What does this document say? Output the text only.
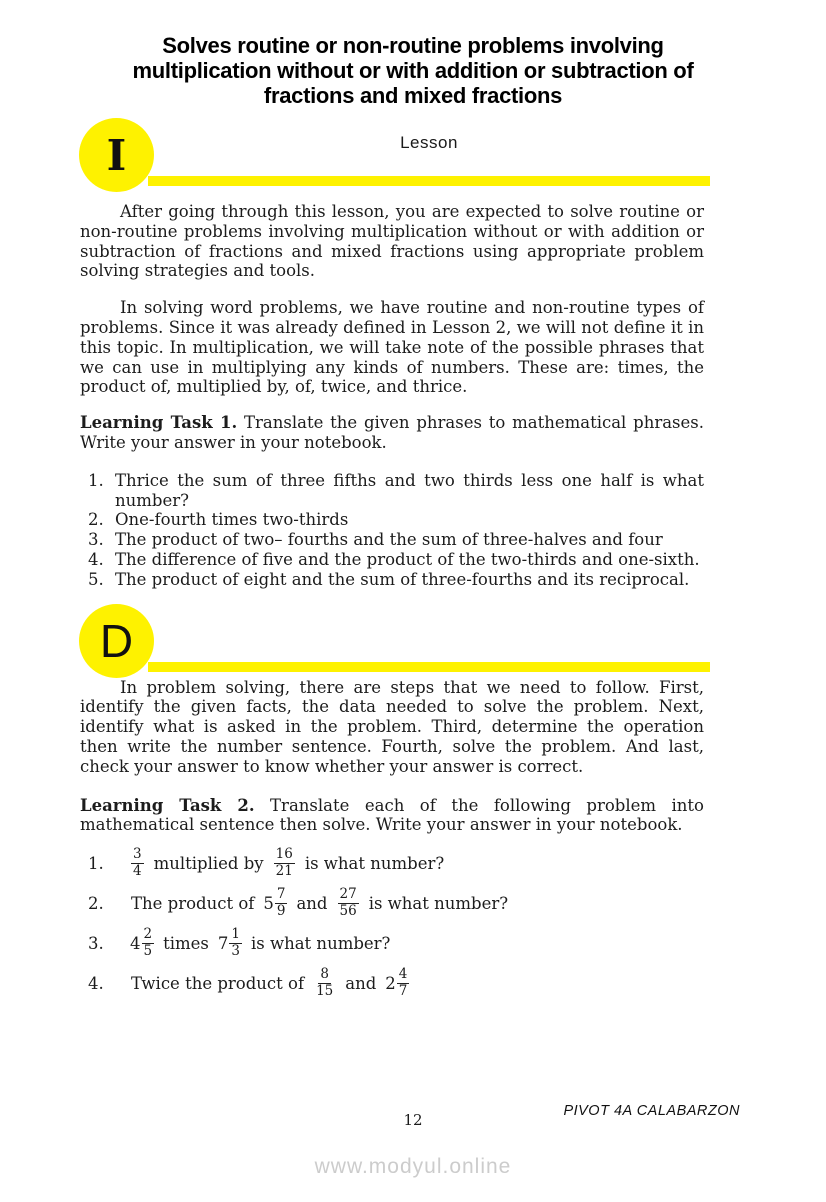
Solves routine or non-routine problems involving
multiplication without or with addition or subtraction of
fractions and mixed fractions
I	Lesson

After going through this lesson, you are expected to solve routine or non-routine problems involving multiplication without or with addition or subtraction of fractions and mixed fractions using appropriate problem solving strategies and tools.

In solving word problems, we have routine and non-routine types of problems. Since it was already defined in Lesson 2, we will not define it in this topic. In multiplication, we will take note of the possible phrases that we can use in multiplying any kinds of numbers. These are: times, the product of, multiplied by, of, twice, and thrice.

Learning Task 1. Translate the given phrases to mathematical phrases. Write your answer in your notebook.

1. Thrice the sum of three fifths and two thirds less one half is what number?
2. One-fourth times two-thirds
3. The product of two– fourths and the sum of three-halves and four
4. The difference of five and the product of the two-thirds and one-sixth.
5. The product of eight and the sum of three-fourths and its reciprocal.
D

In problem solving, there are steps that we need to follow. First, identify the given facts, the data needed to solve the problem. Next, identify what is asked in the problem. Third, determine the operation then write the number sentence. Fourth, solve the problem. And last, check your answer to know whether your answer is correct.

Learning Task 2. Translate each of the following problem into mathematical sentence then solve. Write your answer in your notebook.

1.	$\frac{3}{4}$ multiplied by $\frac{16}{21}$ is what number?
2.	The product of $5 \frac{7}{9}$ and $\frac{27}{56}$ is what number?
3.	$4 \frac{2}{5}$ times $7 \frac{1}{3}$ is what number?
4.	Twice the product of $\frac{8}{15}$ and $2 \frac{4}{7}$
12	PIVOT 4A CALABARZON
www.modyul.online
